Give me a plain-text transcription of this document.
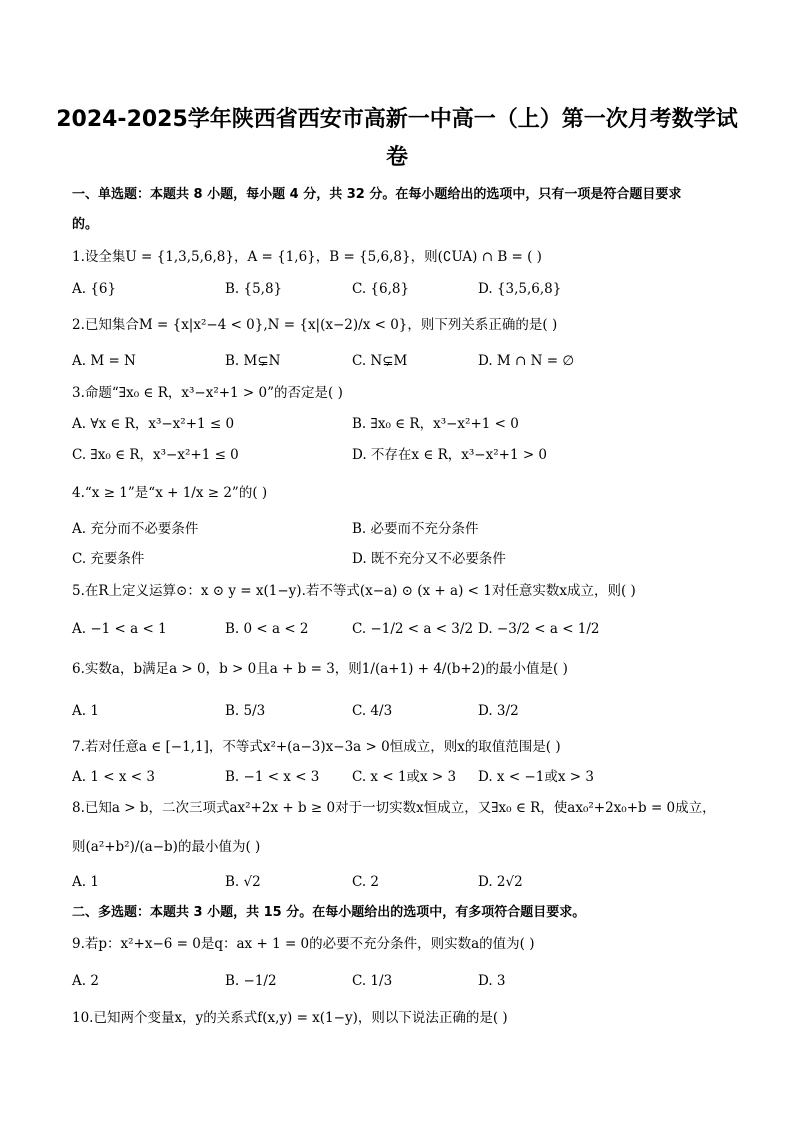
2024-2025学年陕西省西安市高新一中高一（上）第一次月考数学试
卷
一、单选题：本题共 8 小题，每小题 4 分，共 32 分。在每小题给出的选项中，只有一项是符合题目要求
的。
1.设全集U = {1,3,5,6,8}，A = {1,6}，B = {5,6,8}，则(∁UA) ∩ B = ( )
A. {6}	B. {5,8}	C. {6,8}	D. {3,5,6,8}
2.已知集合M = {x|x²−4 < 0},N = {x|(x−2)/x < 0}，则下列关系正确的是( )
A. M = N	B. M⊊N	C. N⊊M	D. M ∩ N = ∅
3.命题“∃x₀ ∈ R，x³−x²+1 > 0”的否定是( )
A. ∀x ∈ R，x³−x²+1 ≤ 0	B. ∃x₀ ∈ R，x³−x²+1 < 0
C. ∃x₀ ∈ R，x³−x²+1 ≤ 0	D. 不存在x ∈ R，x³−x²+1 > 0
4.“x ≥ 1”是“x + 1/x ≥ 2”的( )
A. 充分而不必要条件	B. 必要而不充分条件
C. 充要条件	D. 既不充分又不必要条件
5.在R上定义运算⊙：x ⊙ y = x(1−y).若不等式(x−a) ⊙ (x + a) < 1对任意实数x成立，则( )
A. −1 < a < 1	B. 0 < a < 2	C. −1/2 < a < 3/2 D. −3/2 < a < 1/2
6.实数a，b满足a > 0，b > 0且a + b = 3，则1/(a+1) + 4/(b+2)的最小值是( )
A. 1	B. 5/3	C. 4/3	D. 3/2
7.若对任意a ∈ [−1,1]，不等式x²+(a−3)x−3a > 0恒成立，则x的取值范围是( )
A. 1 < x < 3	B. −1 < x < 3 C. x < 1或x > 3 D. x < −1或x > 3
8.已知a > b，二次三项式ax²+2x + b ≥ 0对于一切实数x恒成立，又∃x₀ ∈ R，使ax₀²+2x₀+b = 0成立，
则(a²+b²)/(a−b)的最小值为( )
A. 1	B. √2	C. 2	D. 2√2
二、多选题：本题共 3 小题，共 15 分。在每小题给出的选项中，有多项符合题目要求。
9.若p：x²+x−6 = 0是q：ax + 1 = 0的必要不充分条件，则实数a的值为( )
A. 2	B. −1/2	C. 1/3	D. 3
10.已知两个变量x，y的关系式f(x,y) = x(1−y)，则以下说法正确的是( )
